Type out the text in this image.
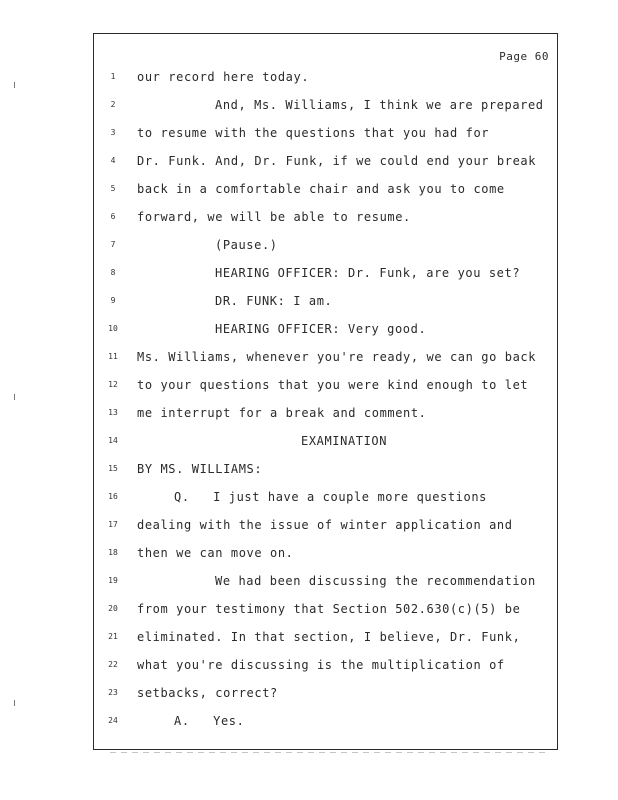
Page 60
1
2
3
4
5
6
7
8
9
10
11
12
13
14
15
16
17
18
19
20
21
22
23
24
our record here today.
And, Ms. Williams, I think we are prepared
to resume with the questions that you had for
Dr. Funk. And, Dr. Funk, if we could end your break
back in a comfortable chair and ask you to come
forward, we will be able to resume.
(Pause.)
HEARING OFFICER: Dr. Funk, are you set?
DR. FUNK: I am.
HEARING OFFICER: Very good.
Ms. Williams, whenever you're ready, we can go back
to your questions that you were kind enough to let
me interrupt for a break and comment.
EXAMINATION
BY MS. WILLIAMS:
Q.   I just have a couple more questions
dealing with the issue of winter application and
then we can move on.
We had been discussing the recommendation
from your testimony that Section 502.630(c)(5) be
eliminated. In that section, I believe, Dr. Funk,
what you're discussing is the multiplication of
setbacks, correct?
A.   Yes.
